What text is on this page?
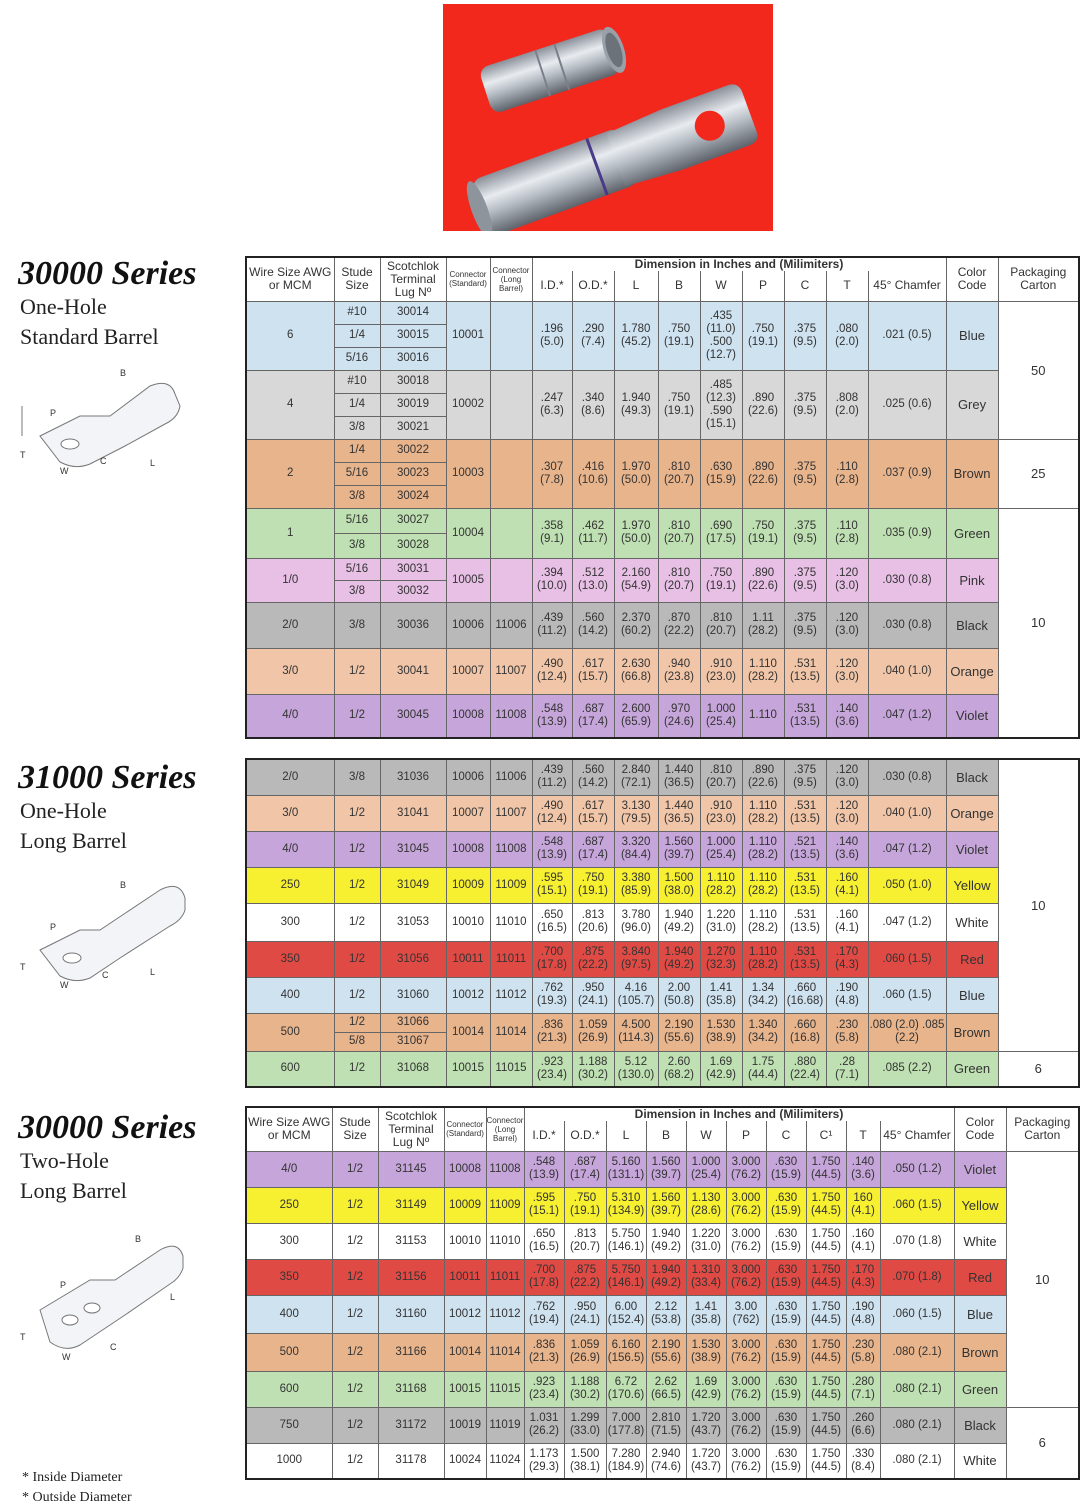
30000 Series

One-Hole

Standard Barrel

T
P
B
L
W
C

31000 Series

One-Hole

Long Barrel

T
P
B
L
W
C

30000 Series

Two-Hole

Long Barrel

T
P
B
L
W
C
* Inside Diameter
* Outside Diameter
Wire Size AWG or MCM	Stude Size	Scotchlok Terminal Lug Nº	Connector (Standard)	Connector (Long Barrel)	Dimension in Inches and (Milimiters)									Color Code	Packaging Carton
					I.D.*	O.D.*	L	B	W	P	C	T	45° Chamfer		
6	#10	30014	10001		.196 (5.0)	.290 (7.4)	1.780 (45.2)	.750 (19.1)	.435 (11.0) .500 (12.7)	.750 (19.1)	.375 (9.5)	.080 (2.0)	.021 (0.5)	Blue	50
	1/4	30015													
	5/16	30016													
4	#10	30018	10002		.247 (6.3)	.340 (8.6)	1.940 (49.3)	.750 (19.1)	.485 (12.3) .590 (15.1)	.890 (22.6)	.375 (9.5)	.808 (2.0)	.025 (0.6)	Grey	
	1/4	30019													
	3/8	30021													
2	1/4	30022	10003		.307 (7.8)	.416 (10.6)	1.970 (50.0)	.810 (20.7)	.630 (15.9)	.890 (22.6)	.375 (9.5)	.110 (2.8)	.037 (0.9)	Brown	25
	5/16	30023													
	3/8	30024													
1	5/16	30027	10004		.358 (9.1)	.462 (11.7)	1.970 (50.0)	.810 (20.7)	.690 (17.5)	.750 (19.1)	.375 (9.5)	.110 (2.8)	.035 (0.9)	Green	10
	3/8	30028													
1/0	5/16	30031	10005		.394 (10.0)	.512 (13.0)	2.160 (54.9)	.810 (20.7)	.750 (19.1)	.890 (22.6)	.375 (9.5)	.120 (3.0)	.030 (0.8)	Pink	
	3/8	30032													
2/0	3/8	30036	10006	11006	.439 (11.2)	.560 (14.2)	2.370 (60.2)	.870 (22.2)	.810 (20.7)	1.11 (28.2)	.375 (9.5)	.120 (3.0)	.030 (0.8)	Black	
3/0	1/2	30041	10007	11007	.490 (12.4)	.617 (15.7)	2.630 (66.8)	.940 (23.8)	.910 (23.0)	1.110 (28.2)	.531 (13.5)	.120 (3.0)	.040 (1.0)	Orange	
4/0	1/2	30045	10008	11008	.548 (13.9)	.687 (17.4)	2.600 (65.9)	.970 (24.6)	1.000 (25.4)	1.110	.531 (13.5)	.140 (3.6)	.047 (1.2)	Violet	
2/0	3/8	31036	10006	11006	.439 (11.2)	.560 (14.2)	2.840 (72.1)	1.440 (36.5)	.810 (20.7)	.890 (22.6)	.375 (9.5)	.120 (3.0)	.030 (0.8)	Black	10
3/0	1/2	31041	10007	11007	.490 (12.4)	.617 (15.7)	3.130 (79.5)	1.440 (36.5)	.910 (23.0)	1.110 (28.2)	.531 (13.5)	.120 (3.0)	.040 (1.0)	Orange	
4/0	1/2	31045	10008	11008	.548 (13.9)	.687 (17.4)	3.320 (84.4)	1.560 (39.7)	1.000 (25.4)	1.110 (28.2)	.521 (13.5)	.140 (3.6)	.047 (1.2)	Violet	
250	1/2	31049	10009	11009	.595 (15.1)	.750 (19.1)	3.380 (85.9)	1.500 (38.0)	1.110 (28.2)	1.110 (28.2)	.531 (13.5)	.160 (4.1)	.050 (1.0)	Yellow	
300	1/2	31053	10010	11010	.650 (16.5)	.813 (20.6)	3.780 (96.0)	1.940 (49.2)	1.220 (31.0)	1.110 (28.2)	.531 (13.5)	.160 (4.1)	.047 (1.2)	White	
350	1/2	31056	10011	11011	.700 (17.8)	.875 (22.2)	3.840 (97.5)	1.940 (49.2)	1.270 (32.3)	1.110 (28.2)	.531 (13.5)	.170 (4.3)	.060 (1.5)	Red	
400	1/2	31060	10012	11012	.762 (19.3)	.950 (24.1)	4.16 (105.7)	2.00 (50.8)	1.41 (35.8)	1.34 (34.2)	.660 (16.68)	.190 (4.8)	.060 (1.5)	Blue	
500	1/2	31066	10014	11014	.836 (21.3)	1.059 (26.9)	4.500 (114.3)	2.190 (55.6)	1.530 (38.9)	1.340 (34.2)	.660 (16.8)	.230 (5.8)	.080 (2.0) .085 (2.2)	Brown	
	5/8	31067													
600	1/2	31068	10015	11015	.923 (23.4)	1.188 (30.2)	5.12 (130.0)	2.60 (68.2)	1.69 (42.9)	1.75 (44.4)	.880 (22.4)	.28 (7.1)	.085 (2.2)	Green	6
Wire Size AWG or MCM	Stude Size	Scotchlok Terminal Lug Nº	Connector (Standard)	Connector (Long Barrel)	Dimension in Inches and (Milimiters)										Color Code	Packaging Carton
					I.D.*	O.D.*	L	B	W	P	C	C¹	T	45° Chamfer		
4/0	1/2	31145	10008	11008	.548 (13.9)	.687 (17.4)	5.160 (131.1)	1.560 (39.7)	1.000 (25.4)	3.000 (76.2)	.630 (15.9)	1.750 (44.5)	.140 (3.6)	.050 (1.2)	Violet	10
250	1/2	31149	10009	11009	.595 (15.1)	.750 (19.1)	5.310 (134.9)	1.560 (39.7)	1.130 (28.6)	3.000 (76.2)	.630 (15.9)	1.750 (44.5)	160 (4.1)	.060 (1.5)	Yellow	
300	1/2	31153	10010	11010	.650 (16.5)	.813 (20.7)	5.750 (146.1)	1.940 (49.2)	1.220 (31.0)	3.000 (76.2)	.630 (15.9)	1.750 (44.5)	.160 (4.1)	.070 (1.8)	White	
350	1/2	31156	10011	11011	.700 (17.8)	.875 (22.2)	5.750 (146.1)	1.940 (49.2)	1.310 (33.4)	3.000 (76.2)	.630 (15.9)	1.750 (44.5)	.170 (4.3)	.070 (1.8)	Red	
400	1/2	31160	10012	11012	.762 (19.4)	.950 (24.1)	6.00 (152.4)	2.12 (53.8)	1.41 (35.8)	3.00 (762)	.630 (15.9)	1.750 (44.5)	.190 (4.8)	.060 (1.5)	Blue	
500	1/2	31166	10014	11014	.836 (21.3)	1.059 (26.9)	6.160 (156.5)	2.190 (55.6)	1.530 (38.9)	3.000 (76.2)	.630 (15.9)	1.750 (44.5)	.230 (5.8)	.080 (2.1)	Brown	
600	1/2	31168	10015	11015	.923 (23.4)	1.188 (30.2)	6.72 (170.6)	2.62 (66.5)	1.69 (42.9)	3.000 (76.2)	.630 (15.9)	1.750 (44.5)	.280 (7.1)	.080 (2.1)	Green	
750	1/2	31172	10019	11019	1.031 (26.2)	1.299 (33.0)	7.000 (177.8)	2.810 (71.5)	1.720 (43.7)	3.000 (76.2)	.630 (15.9)	1.750 (44.5)	.260 (6.6)	.080 (2.1)	Black	6
1000	1/2	31178	10024	11024	1.173 (29.3)	1.500 (38.1)	7.280 (184.9)	2.940 (74.6)	1.720 (43.7)	3.000 (76.2)	.630 (15.9)	1.750 (44.5)	.330 (8.4)	.080 (2.1)	White	
